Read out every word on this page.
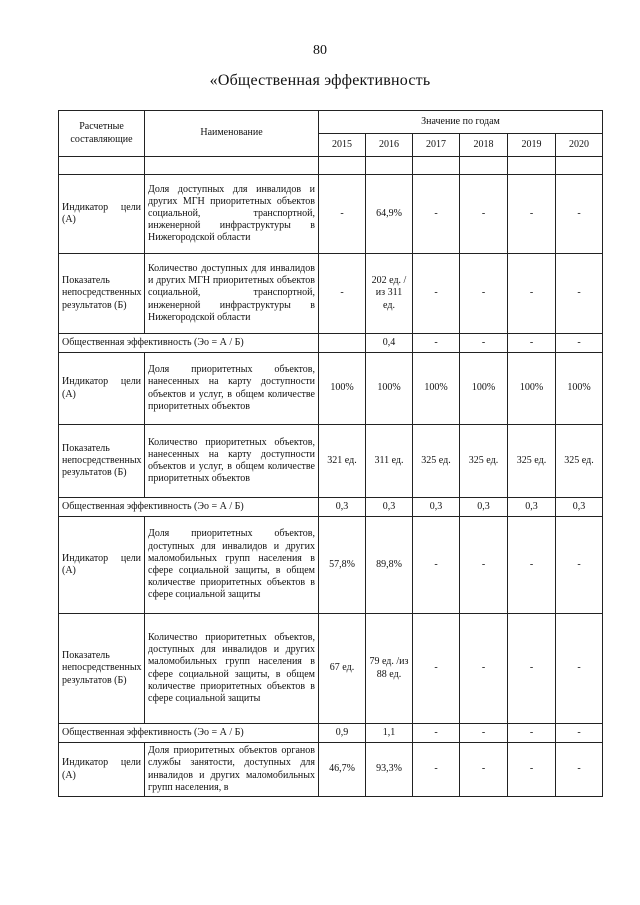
80
«Общественная эффективность
Расчетные составляющие	Наименование	Значение по годам					
		2015	2016	2017	2018	2019	2020

Индикатор цели (А)	Доля доступных для инвалидов и других МГН приоритетных объектов социальной, транспортной, инженерной инфраструктуры в Нижегородской области	-	64,9%	-	-	-	-
Показатель непосредственных результатов (Б)	Количество доступных для инвалидов и других МГН приоритетных объектов социальной, транспортной, инженерной инфраструктуры в Нижегородской области	-	202 ед. /из 311 ед.	-	-	-	-
Общественная эффективность (Эо = А / Б)			0,4	-	-	-	-
Индикатор цели (А)	Доля приоритетных объектов, нанесенных на карту доступности объектов и услуг, в общем количестве приоритетных объектов	100%	100%	100%	100%	100%	100%
Показатель непосредственных результатов (Б)	Количество приоритетных объектов, нанесенных на карту доступности объектов и услуг, в общем количестве приоритетных объектов	321 ед.	311 ед.	325 ед.	325 ед.	325 ед.	325 ед.
Общественная эффективность (Эо = А / Б)		0,3	0,3	0,3	0,3	0,3	0,3
Индикатор цели (А)	Доля приоритетных объектов, доступных для инвалидов и других маломобильных групп населения в сфере социальной защиты, в общем количестве приоритетных объектов в сфере социальной защиты	57,8%	89,8%	-	-	-	-
Показатель непосредственных результатов (Б)	Количество приоритетных объектов, доступных для инвалидов и других маломобильных групп населения в сфере социальной защиты, в общем количестве приоритетных объектов в сфере социальной защиты	67 ед.	79 ед. /из 88 ед.	-	-	-	-
Общественная эффективность (Эо = А / Б)		0,9	1,1	-	-	-	-
Индикатор цели (А)	Доля приоритетных объектов органов службы занятости, доступных для инвалидов и других маломобильных групп населения, в	46,7%	93,3%	-	-	-	-
